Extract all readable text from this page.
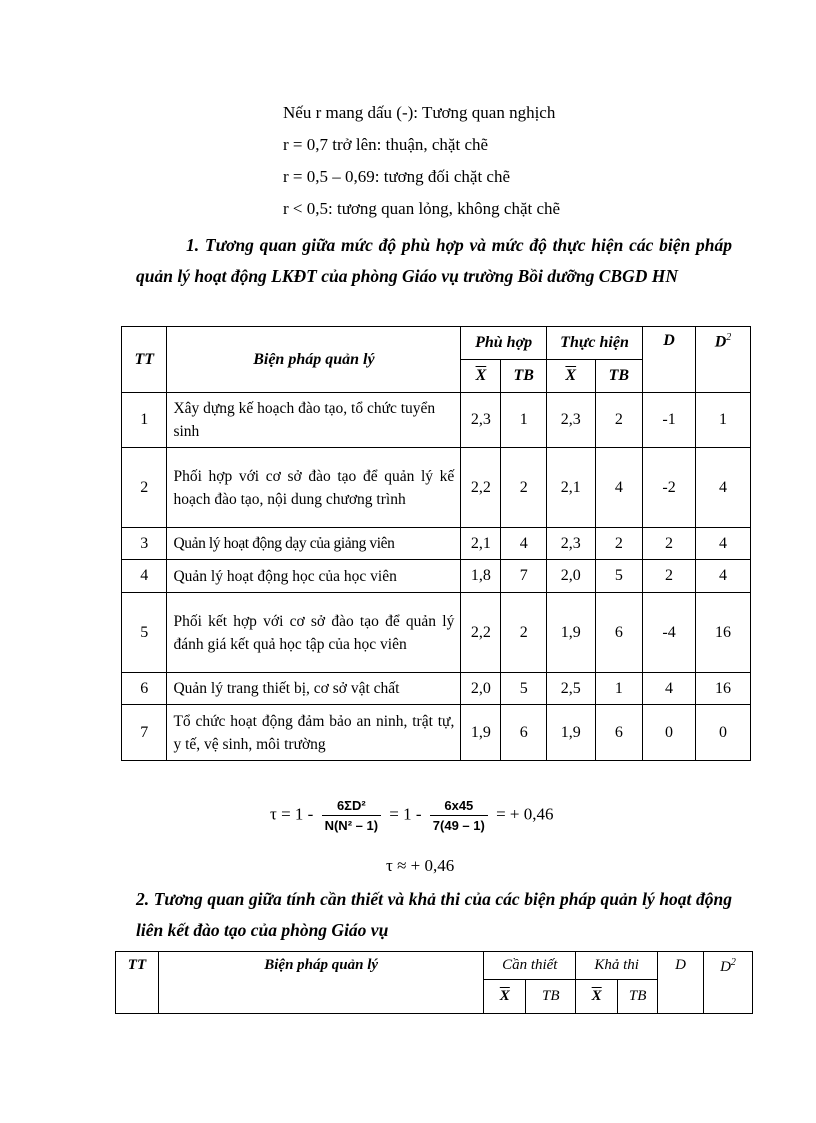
Nếu r mang dấu (-): Tương quan nghịch
r = 0,7 trở lên: thuận, chặt chẽ
r = 0,5 – 0,69: tương đối chặt chẽ
r < 0,5: tương quan lỏng, không chặt chẽ
1. Tương quan giữa mức độ phù hợp và mức độ thực hiện các biện pháp quản lý hoạt động LKĐT của phòng Giáo vụ trường Bồi dưỡng CBGD HN
TT	Biện pháp quản lý	Phù hợp		Thực hiện		D	$D^2$
		$\overline{X}$	TB	$\overline{X}$	TB		
1	Xây dựng kế hoạch đào tạo, tổ chức tuyển sinh	2,3	1	2,3	2	-1	1
2	Phối hợp với cơ sở đào tạo để quản lý kế hoạch đào tạo, nội dung chương trình	2,2	2	2,1	4	-2	4
3	Quản lý hoạt động dạy của giảng viên	2,1	4	2,3	2	2	4
4	Quản lý hoạt động học của học viên	1,8	7	2,0	5	2	4
5	Phối kết hợp với cơ sở đào tạo để quản lý đánh giá kết quả học tập của học viên	2,2	2	1,9	6	-4	16
6	Quản lý trang thiết bị, cơ sở vật chất	2,0	5	2,5	1	4	16
7	Tổ chức hoạt động đảm bảo an ninh, trật tự, y tế, vệ sinh, môi trường	1,9	6	1,9	6	0	0
$\tau = 1 - \frac{\text{6ΣD²}}{\text{N(N² – 1)}} = 1 - \frac{6x45}{7(49 - 1)}$ = + 0,46
τ ≈ + 0,46
2. Tương quan giữa tính cần thiết và khả thi của các biện pháp quản lý hoạt động liên kết đào tạo của phòng Giáo vụ
TT	Biện pháp quản lý	Cần thiết		Khả thi		D	$D^2$
		$\overline{X}$	TB	$\overline{X}$	TB		
